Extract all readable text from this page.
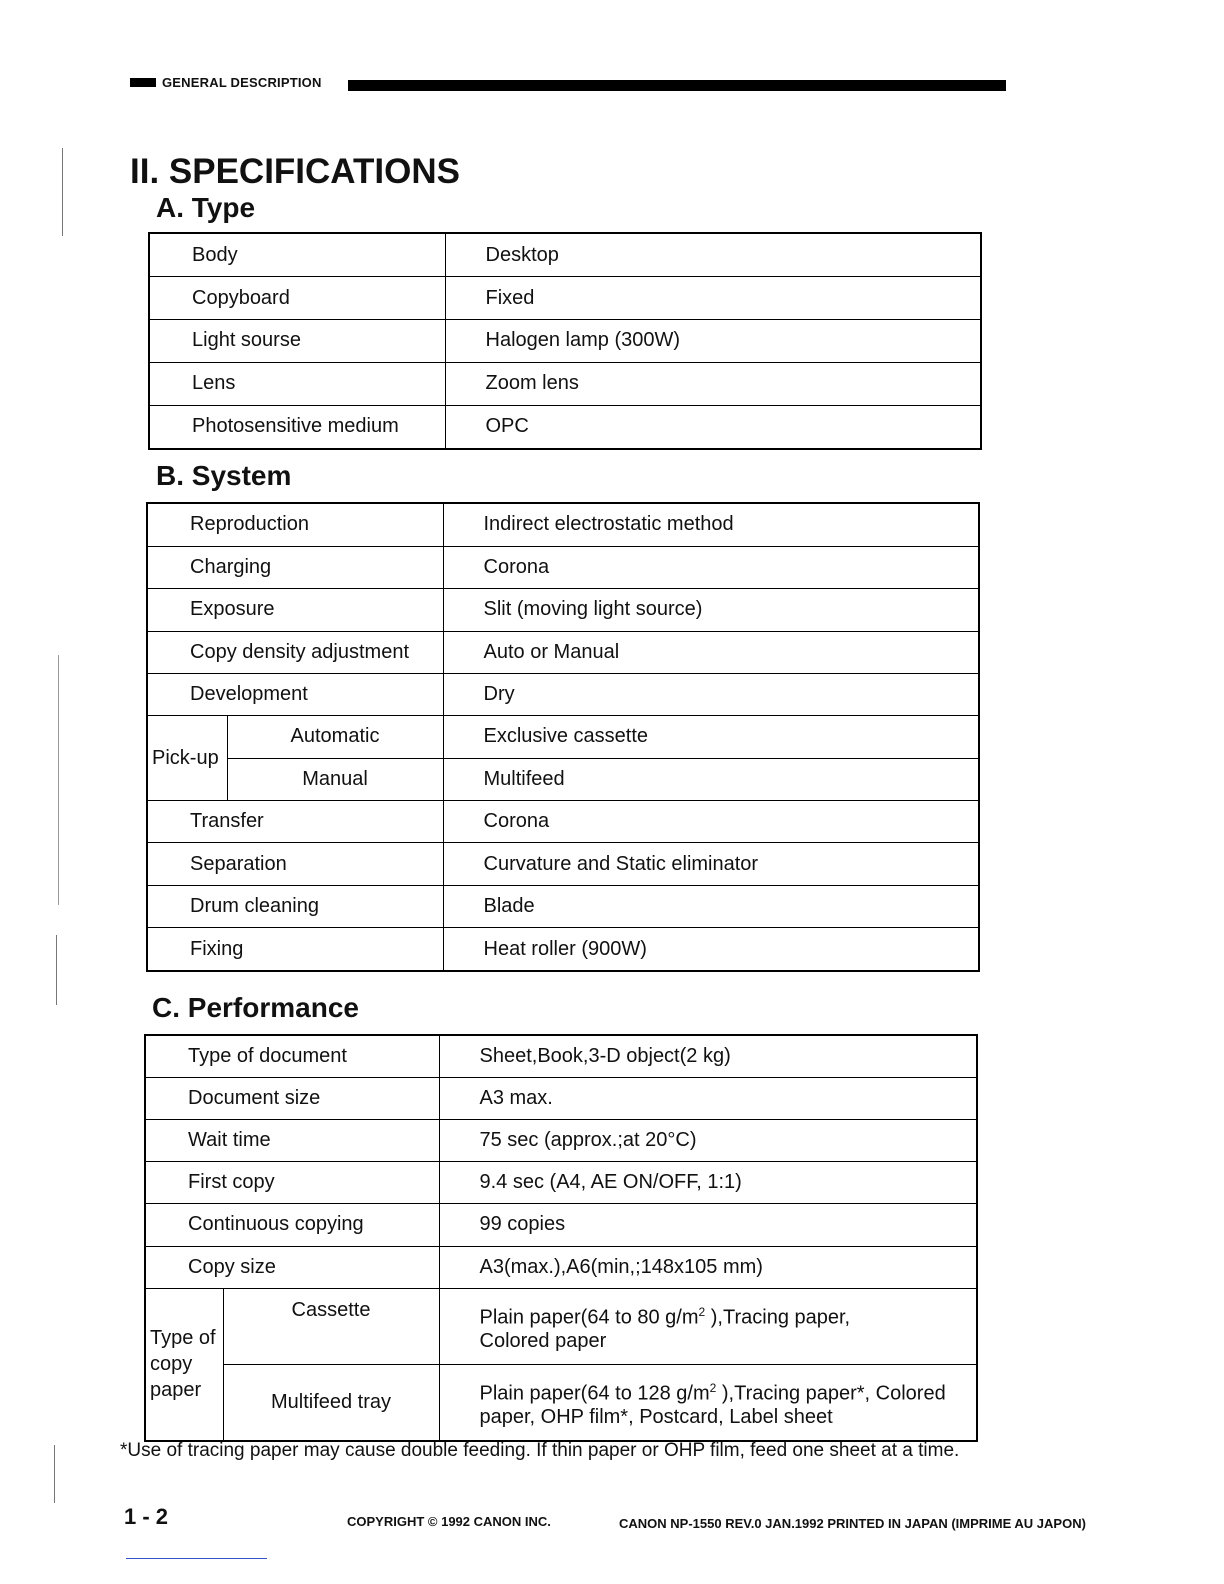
GENERAL DESCRIPTION
II. SPECIFICATIONS
A. Type
Body	Desktop
Copyboard	Fixed
Light sourse	Halogen lamp (300W)
Lens	Zoom lens
Photosensitive medium	OPC
B. System
Reproduction		Indirect electrostatic method
Charging		Corona
Exposure		Slit (moving light source)
Copy density adjustment		Auto or Manual
Development		Dry
Pick-up	Automatic	Exclusive cassette
	Manual	Multifeed
Transfer		Corona
Separation		Curvature and Static eliminator
Drum cleaning		Blade
Fixing		Heat roller (900W)
C. Performance
Type of document		Sheet,Book,3-D object(2 kg)
Document size		A3 max.
Wait time		75 sec (approx.;at 20°C)
First copy		9.4 sec (A4, AE ON/OFF, 1:1)
Continuous copying		99 copies
Copy size		A3(max.),A6(min,;148x105 mm)
Type of
copy
paper	Cassette	Plain paper(64 to 80 $g/m^2$ ),Tracing paper,
Colored paper
	Multifeed tray	Plain paper(64 to 128 $g/m^2$ ),Tracing paper*, Colored
paper, OHP film*, Postcard, Label sheet
*Use of tracing paper may cause double feeding. If thin paper or OHP film, feed one sheet at a time.
1 - 2	COPYRIGHT © 1992 CANON INC.	CANON NP-1550 REV.0 JAN.1992 PRINTED IN JAPAN (IMPRIME AU JAPON)
